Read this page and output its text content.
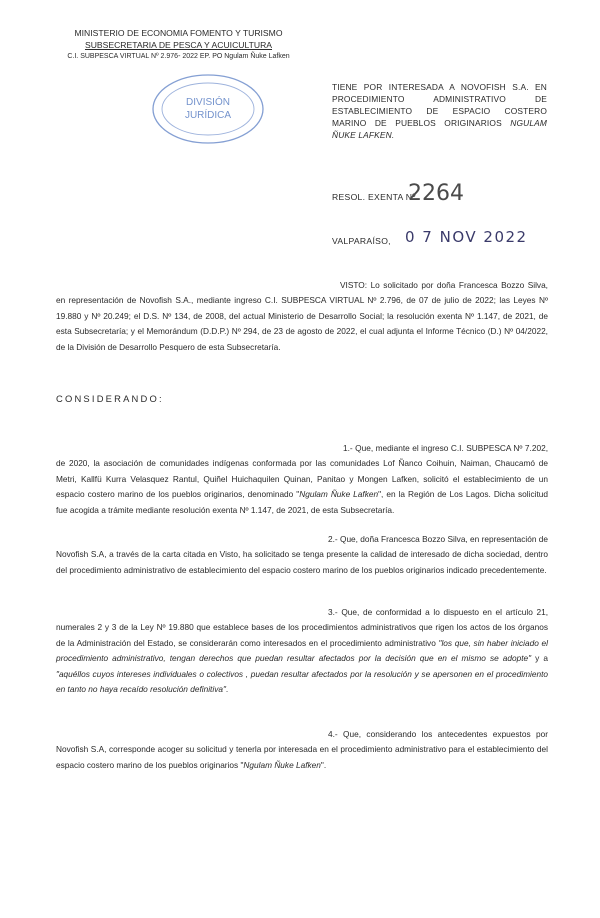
MINISTERIO DE ECONOMIA FOMENTO Y TURISMO
SUBSECRETARIA DE PESCA Y ACUICULTURA
C.I. SUBPESCA VIRTUAL Nº 2.976- 2022 EP. PO Ngulam Ñuke Lafken
DIVISIÓN
JURÍDICA
TIENE POR INTERESADA A NOVOFISH S.A. EN PROCEDIMIENTO ADMINISTRATIVO DE ESTABLECIMIENTO DE ESPACIO COSTERO MARINO DE PUEBLOS ORIGINARIOS NGULAM ÑUKE LAFKEN.
RESOL. EXENTA Nº
2264
VALPARAÍSO, 0 7 NOV 2022
VISTO: Lo solicitado por doña Francesca Bozzo Silva, en representación de Novofish S.A., mediante ingreso C.I. SUBPESCA VIRTUAL Nº 2.796, de 07 de julio de 2022; las Leyes Nº 19.880 y Nº 20.249; el D.S. Nº 134, de 2008, del actual Ministerio de Desarrollo Social; la resolución exenta Nº 1.147, de 2021, de esta Subsecretaría; y el Memorándum (D.D.P.) Nº 294, de 23 de agosto de 2022, el cual adjunta el Informe Técnico (D.) Nº 04/2022, de la División de Desarrollo Pesquero de esta Subsecretaría.
CONSIDERANDO:
1.- Que, mediante el ingreso C.I. SUBPESCA Nº 7.202, de 2020, la asociación de comunidades indígenas conformada por las comunidades Lof Ñanco Coihuin, Naiman, Chaucamó de Metri, Kallfü Kurra Velasquez Rantul, Quiñel Huichaquilen Quinan, Panitao y Mongen Lafken, solicitó el establecimiento de un espacio costero marino de los pueblos originarios, denominado "Ngulam Ñuke Lafken", en la Región de Los Lagos. Dicha solicitud fue acogida a trámite mediante resolución exenta Nº 1.147, de 2021, de esta Subsecretaría.
2.- Que, doña Francesca Bozzo Silva, en representación de Novofish S.A, a través de la carta citada en Visto, ha solicitado se tenga presente la calidad de interesado de dicha sociedad, dentro del procedimiento administrativo de establecimiento del espacio costero marino de los pueblos originarios indicado precedentemente.
3.- Que, de conformidad a lo dispuesto en el artículo 21, numerales 2 y 3 de la Ley Nº 19.880 que establece bases de los procedimientos administrativos que rigen los actos de los órganos de la Administración del Estado, se considerarán como interesados en el procedimiento administrativo "los que, sin haber iniciado el procedimiento administrativo, tengan derechos que puedan resultar afectados por la decisión que en el mismo se adopte" y a "aquéllos cuyos intereses individuales o colectivos , puedan resultar afectados por la resolución y se apersonen en el procedimiento en tanto no haya recaído resolución definitiva".
4.- Que, considerando los antecedentes expuestos por Novofish S.A, corresponde acoger su solicitud y tenerla por interesada en el procedimiento administrativo para el establecimiento del espacio costero marino de los pueblos originarios "Ngulam Ñuke Lafken".
